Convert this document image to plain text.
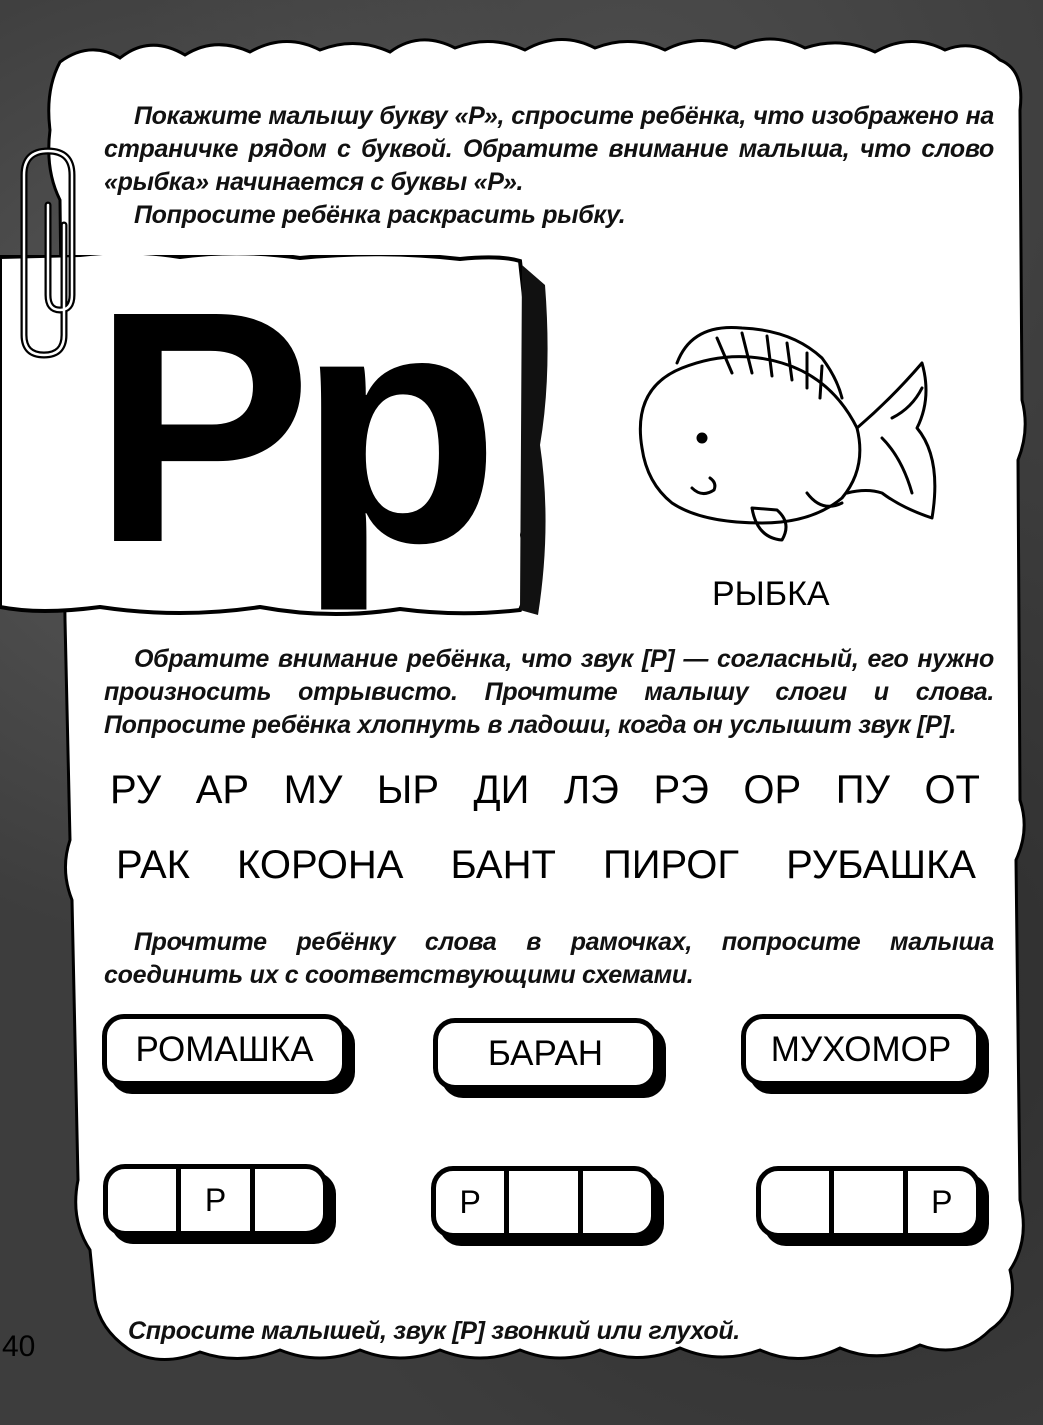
Покажите малышу букву «Р», спросите ребёнка, что изображено на страничке рядом с буквой. Обратите внимание малыша, что слово «рыбка» начинается с буквы «Р».

Попросите ребёнка раскрасить рыбку.

Рр	РЫБКА

Обратите внимание ребёнка, что звук [Р] — согласный, его нужно произносить отрывисто. Прочтите малышу слоги и слова. Попросите ребёнка хлопнуть в ладоши, когда он услышит звук [Р].

РУ АР МУ ЫР ДИ ЛЭ РЭ ОР ПУ ОТ
РАК КОРОНА БАНТ ПИРОГ РУБАШКА

Прочтите ребёнку слова в рамочках, попросите малыша соединить их с соответствующими схемами.

РОМАШКА	БАРАН	МУХОМОР
Р	Р	Р

Спросите малышей, звук [Р] звонкий или глухой.

40
